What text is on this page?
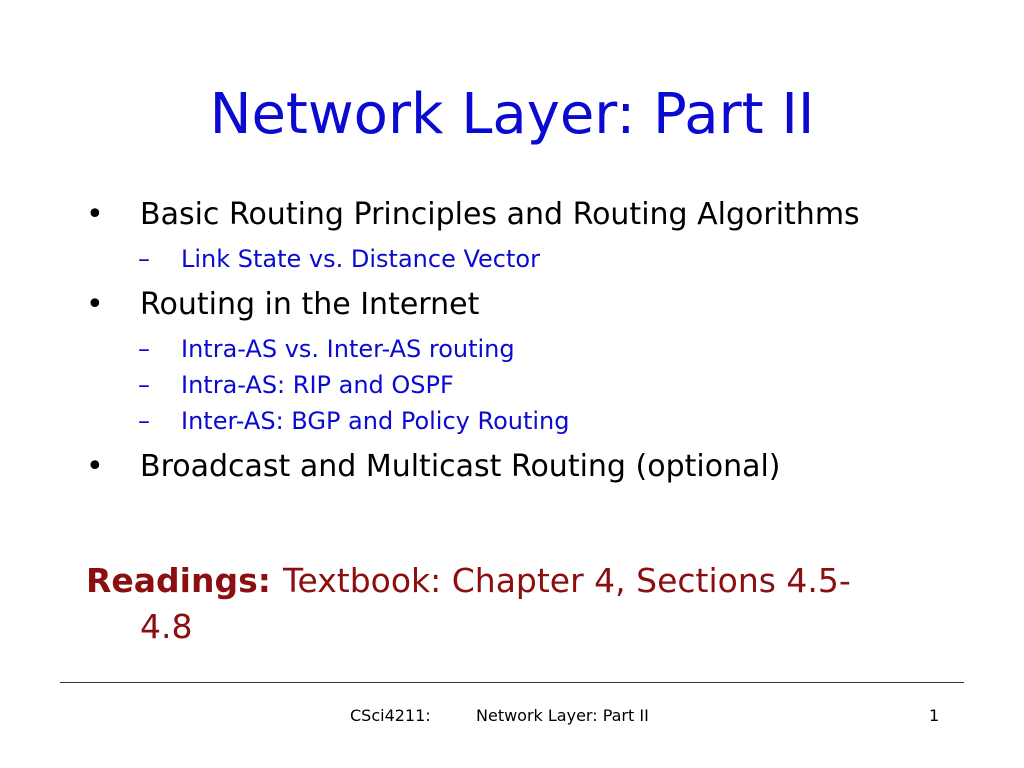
Network Layer: Part II
•	Basic Routing Principles and Routing Algorithms
– Link State vs. Distance Vector
•	Routing in the Internet
– Intra-AS vs. Inter-AS routing
– Intra-AS: RIP and OSPF
– Inter-AS: BGP and Policy Routing
•	Broadcast and Multicast Routing (optional)
Readings: Textbook: Chapter 4, Sections 4.5-
4.8
CSci4211:	Network Layer: Part II	1
